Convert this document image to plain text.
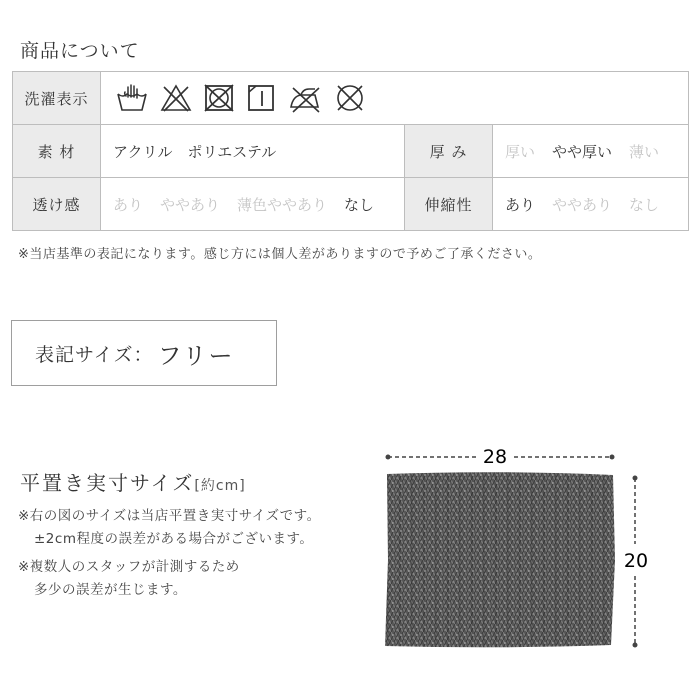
商品について
洗濯表示	

素 材	アクリル　ポリエステル	厚 み	厚い やや厚い 薄い
透け感	あり ややあり 薄色ややあり なし	伸縮性	あり ややあり なし
※当店基準の表記になります。感じ方には個人差がありますので予めご了承ください。
表記サイズ： フリー
平置き実寸サイズ[約cm]
※右の図のサイズは当店平置き実寸サイズです。
±2cm程度の誤差がある場合がございます。
※複数人のスタッフが計測するため
多少の誤差が生じます。
28
20
